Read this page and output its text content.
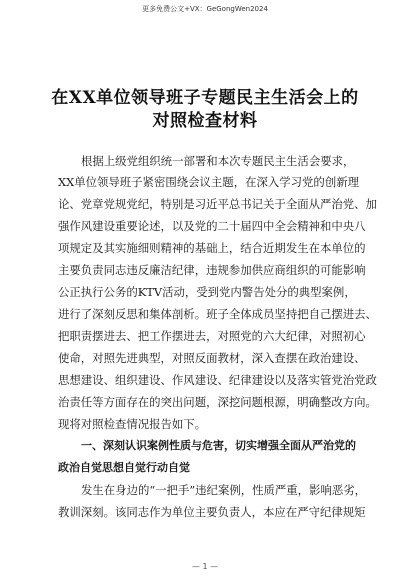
更多免费公文+VX：GeGongWen2024
在XX单位领导班子专题民主生活会上的
对照检查材料
根据上级党组织统一部署和本次专题民主生活会要求，
XX单位领导班子紧密围绕会议主题，在深入学习党的创新理
论、党章党规党纪，特别是习近平总书记关于全面从严治党、加
强作风建设重要论述，以及党的二十届四中全会精神和中央八
项规定及其实施细则精神的基础上，结合近期发生在本单位的
主要负责同志违反廉洁纪律，违规参加供应商组织的可能影响
公正执行公务的KTV活动，受到党内警告处分的典型案例，
进行了深刻反思和集体剖析。班子全体成员坚持把自己摆进去、
把职责摆进去、把工作摆进去，对照党的六大纪律，对照初心
使命，对照先进典型，对照反面教材，深入查摆在政治建设、
思想建设、组织建设、作风建设、纪律建设以及落实管党治党政
治责任等方面存在的突出问题，深挖问题根源，明确整改方向。
现将对照检查情况报告如下。
一、深刻认识案例性质与危害，切实增强全面从严治党的
政治自觉思想自觉行动自觉
发生在身边的“一把手”违纪案例，性质严重，影响恶劣，
教训深刻。该同志作为单位主要负责人，本应在严守纪律规矩
— 1 —
